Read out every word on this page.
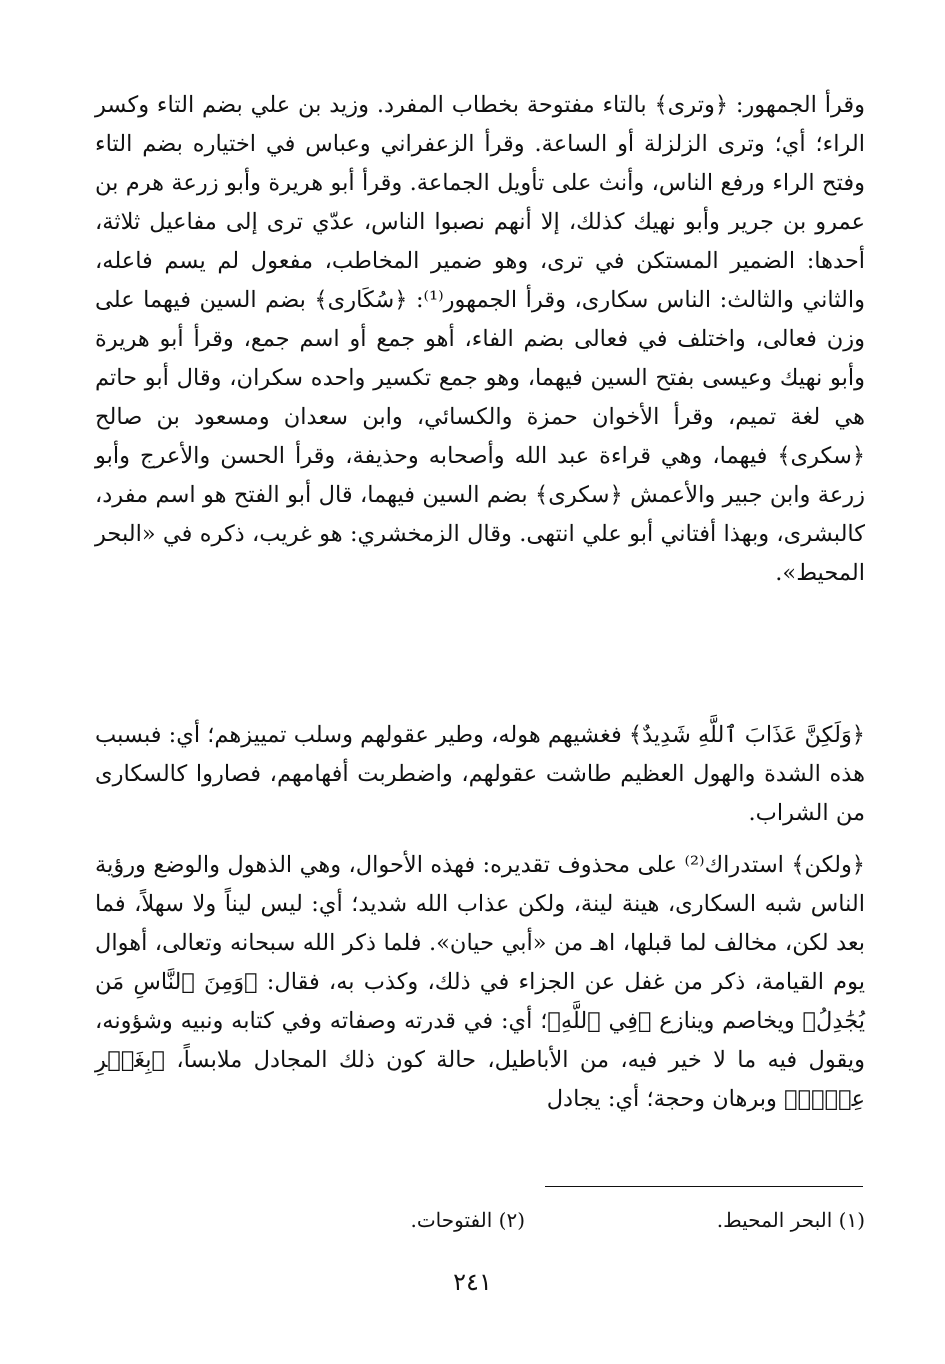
وقرأ الجمهور: ﴿وترى﴾ بالتاء مفتوحة بخطاب المفرد. وزيد بن علي بضم التاء وكسر الراء؛ أي؛ وترى الزلزلة أو الساعة. وقرأ الزعفراني وعباس في اختياره بضم التاء وفتح الراء ورفع الناس، وأنث على تأويل الجماعة. وقرأ أبو هريرة وأبو زرعة هرم بن عمرو بن جرير وأبو نهيك كذلك، إلا أنهم نصبوا الناس، عدّي ترى إلى مفاعيل ثلاثة، أحدها: الضمير المستكن في ترى، وهو ضمير المخاطب، مفعول لم يسم فاعله، والثاني والثالث: الناس سكارى، وقرأ الجمهور⁽¹⁾: ﴿سُكَارى﴾ بضم السين فيهما على وزن فعالى، واختلف في فعالى بضم الفاء، أهو جمع أو اسم جمع، وقرأ أبو هريرة وأبو نهيك وعيسى بفتح السين فيهما، وهو جمع تكسير واحده سكران، وقال أبو حاتم هي لغة تميم، وقرأ الأخوان حمزة والكسائي، وابن سعدان ومسعود بن صالح ﴿سكرى﴾ فيهما، وهي قراءة عبد الله وأصحابه وحذيفة، وقرأ الحسن والأعرج وأبو زرعة وابن جبير والأعمش ﴿سكرى﴾ بضم السين فيهما، قال أبو الفتح هو اسم مفرد، كالبشرى، وبهذا أفتاني أبو علي انتهى. وقال الزمخشري: هو غريب، ذكره في «البحر المحيط».

﴿وَلَكِنَّ عَذَابَ ٱللَّهِ شَدِيدٌ﴾ فغشيهم هوله، وطير عقولهم وسلب تمييزهم؛ أي: فبسبب هذه الشدة والهول العظيم طاشت عقولهم، واضطربت أفهامهم، فصاروا كالسكارى من الشراب.

﴿ولكن﴾ استدراك⁽²⁾ على محذوف تقديره: فهذه الأحوال، وهي الذهول والوضع ورؤية الناس شبه السكارى، هينة لينة، ولكن عذاب الله شديد؛ أي: ليس ليناً ولا سهلاً، فما بعد لكن، مخالف لما قبلها، اهـ من «أبي حيان». فلما ذكر الله سبحانه وتعالى، أهوال يوم القيامة، ذكر من غفل عن الجزاء في ذلك، وكذب به، فقال: ﴿وَمِنَ ٱلنَّاسِ مَن يُجَٰدِلُ﴾ ويخاصم وينازع ﴿فِي ٱللَّهِ﴾؛ أي: في قدرته وصفاته وفي كتابه ونبيه وشؤونه، ويقول فيه ما لا خير فيه، من الأباطيل، حالة كون ذلك المجادل ملابساً، ﴿بِغَيۡرِ عِلۡمٖ﴾ وبرهان وحجة؛ أي: يجادل

(١) البحر المحيط.
(٢) الفتوحات.
٢٤١
